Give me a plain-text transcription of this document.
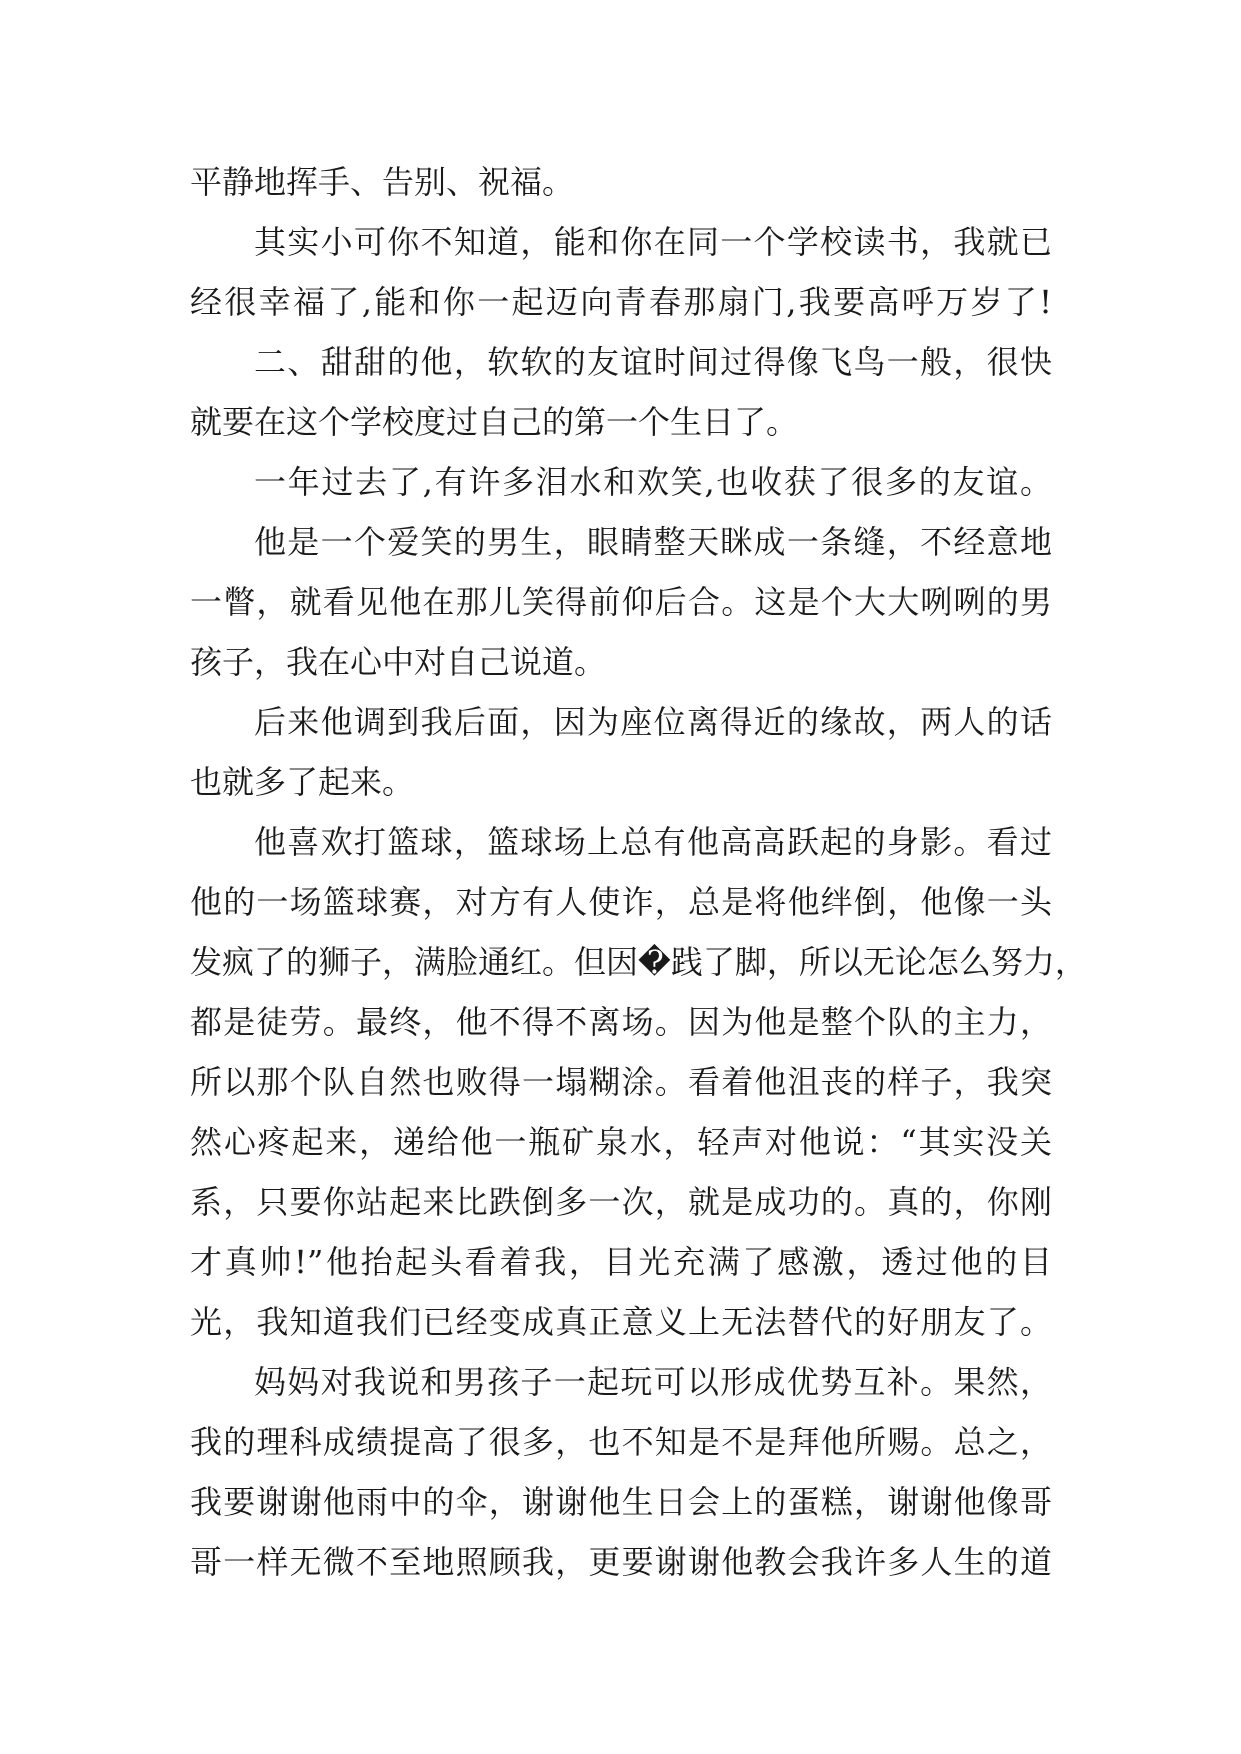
平静地挥手、告别、祝福。
其实小可你不知道，能和你在同一个学校读书，我就已
经很幸福了,能和你一起迈向青春那扇门,我要高呼万岁了!
二、甜甜的他，软软的友谊时间过得像飞鸟一般，很快
就要在这个学校度过自己的第一个生日了。
一年过去了,有许多泪水和欢笑,也收获了很多的友谊。
他是一个爱笑的男生，眼睛整天眯成一条缝，不经意地
一瞥，就看见他在那儿笑得前仰后合。这是个大大咧咧的男
孩子，我在心中对自己说道。
后来他调到我后面，因为座位离得近的缘故，两人的话
也就多了起来。
他喜欢打篮球，篮球场上总有他高高跃起的身影。看过
他的一场篮球赛，对方有人使诈，总是将他绊倒，他像一头
发疯了的狮子，满脸通红。但因�践了脚，所以无论怎么努力，
都是徒劳。最终，他不得不离场。因为他是整个队的主力，
所以那个队自然也败得一塌糊涂。看着他沮丧的样子，我突
然心疼起来，递给他一瓶矿泉水，轻声对他说：“其实没关
系，只要你站起来比跌倒多一次，就是成功的。真的，你刚
才真帅!”他抬起头看着我，目光充满了感激，透过他的目
光，我知道我们已经变成真正意义上无法替代的好朋友了。
妈妈对我说和男孩子一起玩可以形成优势互补。果然，
我的理科成绩提高了很多，也不知是不是拜他所赐。总之，
我要谢谢他雨中的伞，谢谢他生日会上的蛋糕，谢谢他像哥
哥一样无微不至地照顾我，更要谢谢他教会我许多人生的道
